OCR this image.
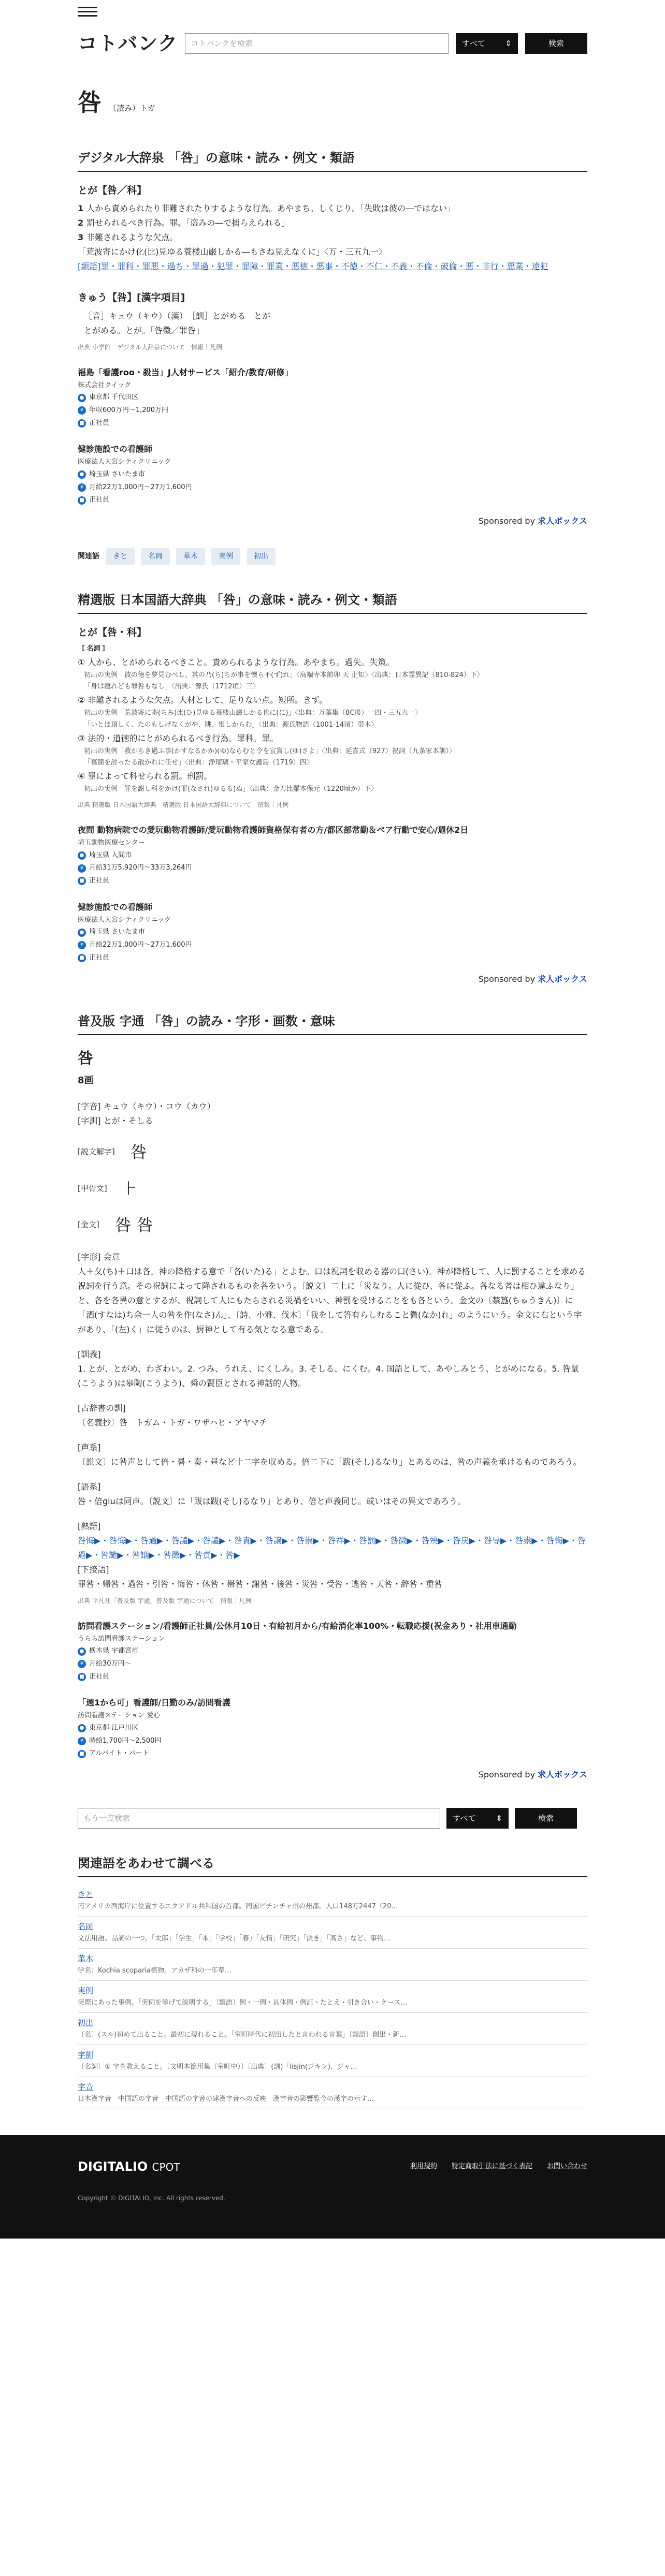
コトバンク	コトバンクを検索	すべて	⇕	検索
咎 （読み）トガ
デジタル大辞泉 「咎」の意味・読み・例文・類語
とが【咎／科】
1 人から責められたり非難されたりするような行為。あやまち。しくじり。「失敗は彼の―ではない」
2 罰せられるべき行為。罪。「盗みの―で捕らえられる」
3 非難されるような欠点。
「荒波寄にかけ化(比)見ゆる蓑楼山巌しかる―もさね見えなくに」〈万・三五九一〉
[類語]罪・罪科・罪悪・過ち・罪過・犯罪・罪障・罪業・悪徳・悪事・不徳・不仁・不義・不倫・破倫・悪・非行・悪業・違犯
きゅう【咎】[漢字項目]
［音］キュウ（キウ）（漢）　［訓］とがめる　とが
とがめる。とが。「咎徴／罪咎」
出典 小学館　デジタル大辞泉について　情報｜凡例
福島「看護roo・殺当」J人材サービス「紹介/教育/研修」
株式会社クイック
● 東京都 千代田区
¥ 年収600万円〜1,200万円
■ 正社員
健診施設での看護師
医療法人大宮シティクリニック
● 埼玉県 さいたま市
¥ 月給22万1,000円〜27万1,600円
■ 正社員
Sponsored by 求人ボックス
関連語	きと	名岡	華木	実例	初出
精選版 日本国語大辞典 「咎」の意味・読み・例文・類語
とが【咎・科】
〘 名詞 〙
① 人から、とがめられるべきこと。責められるような行為。あやまち。過失。失策。
初出の実例「彼の徳を夢見むべし。其の乃(ち)ちが事を懐ら不(ず)れ」〈高端寺本前卯 天 止知〉〈出典：日本霊異記（810-824）下〉
「身は痩れども罪咎もなし」〈出典：源氏（1712頃）三〉
② 非難されるような欠点。人材として、足りない点。短所。きず。
初出の実例「荒波寄に寄(ちみ)比(ひ)見ゆる蓑楼山巌しかる也に(に)」〈出典：万葉集（8C後）一四・三五九一〉
「いとほ頂しく、たのもしげなくがや、眺、恨しからむ」〈出典：源氏物語（1001-14頃）帯木〉
③ 法的・道徳的にとがめられるべき行為。罪科。罪。
初出の実例「教かちき過ふ事(かすなるかか)(ゆ)ならむと令を宣賞し(ゆ)さよ」〈出典：延喜式（927）祝詞（九条家本訓）〉
「裏簡を討ったる散かれに任せ」〈出典：浄瑠璃・平家女護島（1719）四〉
④ 罪によって科せられる罰。刑罰。
初出の実例「罪を謝し科をかけ(罪(なされ)ゆるる)ぬ」〈出典：金刀比羅本保元（1220頃か）下〉
出典 精選版 日本国語大辞典　精選版 日本国語大辞典について　情報｜凡例
夜間 動物病院での愛玩動物看護師/愛玩動物看護師資格保有者の方/都区部常勤＆ペア行動で安心/週休2日
埼玉動物医療センター
● 埼玉県 入間市
¥ 月給31万5,920円〜33万3,264円
■ 正社員
健診施設での看護師
医療法人大宮シティクリニック
● 埼玉県 さいたま市
¥ 月給22万1,000円〜27万1,600円
■ 正社員
Sponsored by 求人ボックス
普及版 字通 「咎」の読み・字形・画数・意味
咎
8画
[字音] キュウ（キウ）・コウ（カウ）
[字訓] とが・そしる
[説文解字] 咎
[甲骨文] ⺊
[金文] 咎 咎
[字形] 会意
人＋夂(ち)＋口は各。神の降格する意で「各(いた)る」とよむ。口は祝詞を収める器の口(さい)。神が降格して、人に罰することを求める祝詞を行う意。その祝詞によって降されるものを各をいう。〔説文〕二上に「災なり。人に從ひ、各に從ふ。各なる者は相ひ違ふなり」と、各を各異の意とするが、祝詞して人にもたらされる災禍をいい、神罰を受けることをも各という。金文の〔禁簋(ちゅうきん)〕に「酒(すなは)ち余一人の咎を作(なさ)ん」、〔詩、小雅、伐木〕「我をして答有らしむること微(なか)れ」のようにいう。金文に右という字があり、「(左)く」に従うのは、厨神として有る気となる意である。
[訓義]
1. とが、とがめ、わざわい。2. つみ、うれえ、にくしみ。3. そしる、にくむ。4. 国語として、あやしみとう、とがめになる。5. 咎鼠(こうよう)は皋陶(こうよう)、舜の賢臣とされる神話的人物。
[古辞書の訓]
〔名義抄〕咎　トガム・トガ・ワザハヒ・アヤマチ
[声系]
〔説文〕に咎声として倍・晷・奏・昼など十二字を収める。倍二下に「跋(そし)るなり」とあるのは、咎の声義を承けるものであろう。
[語系]
咎・倍giuは同声。〔説文〕に「跋は跋(そし)るなり」とあり、倍と声義同じ。或いはその異文であろう。
[熟語]
咎悔▶・咎悔▶・咎過▶・咎譴▶・咎譴▶・咎責▶・咎譲▶・咎祟▶・咎祥▶・咎罰▶・咎徴▶・咎殃▶・咎戻▶・咎辱▶・咎祟▶・咎悔▶・咎過▶・咎譴▶・咎譲▶・咎徴▶・咎責▶・咎▶
[下接語]
罪咎・帰咎・過咎・引咎・悔咎・休咎・帯咎・謝咎・後咎・災咎・受咎・逃咎・天咎・辞咎・重咎
出典 平凡社「普及版 字通」普及版 字通について　情報｜凡例
訪問看護ステーション/看護師正社員/公休月10日・有給初月から/有給消化率100%・転職応援(祝金あり・社用車通勤
うらら訪問看護ステーション
● 栃木県 宇都宮市
¥ 月給30万円〜
■ 正社員
「週1から可」看護師/日勤のみ/訪問看護
訪問看護ステーション 愛心
● 東京都 江戸川区
¥ 時給1,700円〜2,500円
■ アルバイト・パート
Sponsored by 求人ボックス
もう一度検索	すべて	⇕	検索
関連語をあわせて調べる
きと

南アメリカ西海岸に位置するエクアドル共和国の首都。同国ピチンチャ州の州都。人口148万2447（20…

名岡

文法用語。品詞の一つ。「太郎」「学生」「本」「学校」「春」「友情」「研究」「決き」「高さ」など、事物…

華木

学名：Kochia scoparia植物。アカザ科の一年草…

実例

実際にあった事例。「実例を挙げて説明する」〔類語〕例・一例・具体例・例証・たとえ・引き合い・ケース…

初出

〔名〕(スル)初めて出ること。最初に現れること。「室町時代に初出したと言われる言葉」〔類語〕創出・新…

字訓

〔名詞〕① 字を教えること。〔文明本節用集（室町中）〕〔出典〕(訓)「lisjin(ジキン)、ジャ…

字音

日本漢字音　中国語の字音　中国語の字音の建漢字音への反映　漢字音の影響覧今の漢字の示す…

DIGITALIO CPOT	利用規約 特定商取引法に基づく表記 お問い合わせ
Copyright © DIGITALIO, Inc. All rights reserved.
